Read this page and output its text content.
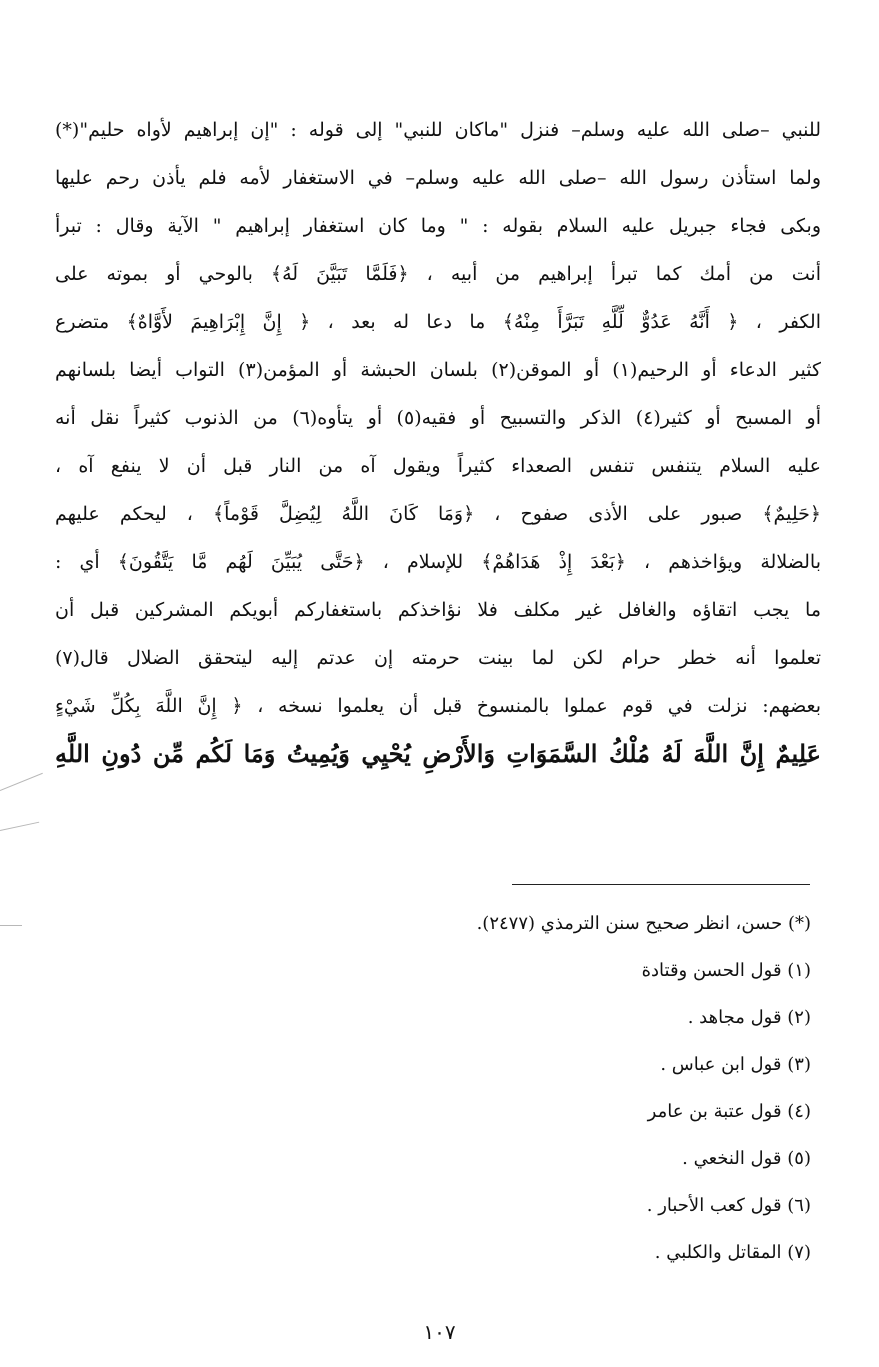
للنبي –صلى الله عليه وسلم– فنزل "ماكان للنبي" إلى قوله : "إن إبراهيم لأواه حليم"(*)
ولما استأذن رسول الله –صلى الله عليه وسلم– في الاستغفار لأمه فلم يأذن رحم عليها
وبكى فجاء جبريل عليه السلام بقوله : " وما كان استغفار إبراهيم " الآية وقال : تبرأ
أنت من أمك كما تبرأ إبراهيم من أبيه ، ﴿فَلَمَّا تَبَيَّنَ لَهُ﴾ بالوحي أو بموته على
الكفر ، ﴿ أَنَّهُ عَدُوٌّ لِّلَّهِ تَبَرَّأَ مِنْهُ﴾ ما دعا له بعد ، ﴿ إِنَّ إِبْرَاهِيمَ لأَوَّاهٌ﴾ متضرع
كثير الدعاء أو الرحيم(١) أو الموقن(٢) بلسان الحبشة أو المؤمن(٣) التواب أيضا بلسانهم
أو المسبح أو كثير(٤) الذكر والتسبيح أو فقيه(٥) أو يتأوه(٦) من الذنوب كثيراً نقل أنه
عليه السلام يتنفس تنفس الصعداء كثيراً ويقول آه من النار قبل أن لا ينفع آه ،
﴿حَلِيمٌ﴾ صبور على الأذى صفوح ، ﴿وَمَا كَانَ اللَّهُ لِيُضِلَّ قَوْماً﴾ ، ليحكم عليهم
بالضلالة ويؤاخذهم ، ﴿بَعْدَ إِذْ هَدَاهُمْ﴾ للإسلام ، ﴿حَتَّى يُبَيِّنَ لَهُم مَّا يَتَّقُونَ﴾ أي :
ما يجب اتقاؤه والغافل غير مكلف فلا نؤاخذكم باستغفاركم أبويكم المشركين قبل أن
تعلموا أنه خطر حرام لكن لما بينت حرمته إن عدتم إليه ليتحقق الضلال قال(٧)
بعضهم: نزلت في قوم عملوا بالمنسوخ قبل أن يعلموا نسخه ، ﴿ إِنَّ اللَّهَ بِكُلِّ شَيْءٍ
عَلِيمٌ إِنَّ اللَّهَ لَهُ مُلْكُ السَّمَوَاتِ وَالأَرْضِ يُحْيِي وَيُمِيتُ وَمَا لَكُم مِّن دُونِ اللَّهِ
(*) حسن، انظر صحيح سنن الترمذي (٢٤٧٧).
(١) قول الحسن وقتادة
(٢) قول مجاهد .
(٣) قول ابن عباس .
(٤) قول عتبة بن عامر
(٥) قول النخعي .
(٦) قول كعب الأحبار .
(٧) المقاتل والكلبي .
١٠٧
